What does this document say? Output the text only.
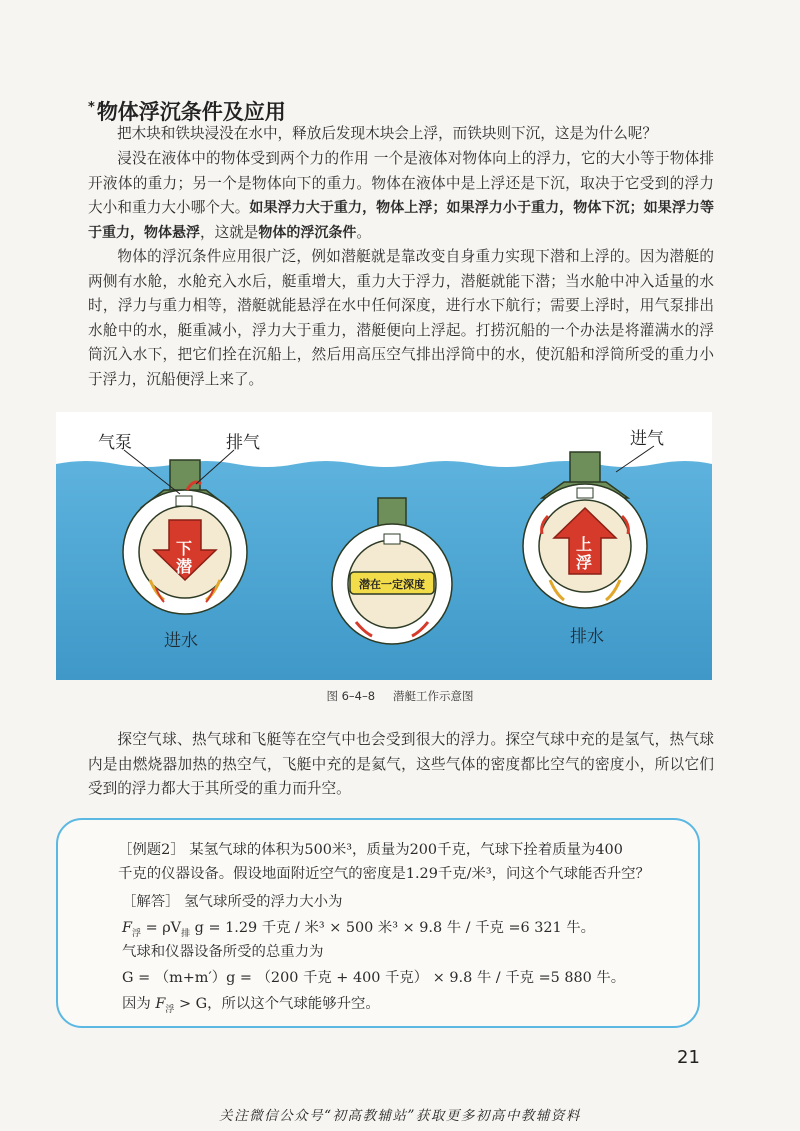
*物体浮沉条件及应用
把木块和铁块浸没在水中，释放后发现木块会上浮，而铁块则下沉，这是为什么呢？
浸没在液体中的物体受到两个力的作用 一个是液体对物体向上的浮力，它的大小等于物体排开液体的重力；另一个是物体向下的重力。物体在液体中是上浮还是下沉，取决于它受到的浮力大小和重力大小哪个大。如果浮力大于重力，物体上浮；如果浮力小于重力，物体下沉；如果浮力等于重力，物体悬浮，这就是物体的浮沉条件。
物体的浮沉条件应用很广泛，例如潜艇就是靠改变自身重力实现下潜和上浮的。因为潜艇的两侧有水舱，水舱充入水后，艇重增大，重力大于浮力，潜艇就能下潜；当水舱中冲入适量的水时，浮力与重力相等，潜艇就能悬浮在水中任何深度，进行水下航行；需要上浮时，用气泵排出水舱中的水，艇重减小，浮力大于重力，潜艇便向上浮起。打捞沉船的一个办法是将灌满水的浮筒沉入水下，把它们拴在沉船上，然后用高压空气排出浮筒中的水，使沉船和浮筒所受的重力小于浮力，沉船便浮上来了。
下
潜
潜在一定深度
上
浮
气泵	排气	进气
进水	排水
图 6–4–8 潜艇工作示意图
探空气球、热气球和飞艇等在空气中也会受到很大的浮力。探空气球中充的是氢气，热气球内是由燃烧器加热的热空气，飞艇中充的是氦气，这些气体的密度都比空气的密度小，所以它们受到的浮力都大于其所受的重力而升空。
［例题2］ 某氢气球的体积为500米³，质量为200千克，气球下拴着质量为400
千克的仪器设备。假设地面附近空气的密度是1.29千克/米³，问这个气球能否升空？
［解答］ 氢气球所受的浮力大小为
$F_浮 = \rho V_排$ g = 1.29 千克 / 米³ × 500 米³ × 9.8 牛 / 千克 =6 321 牛。
气球和仪器设备所受的总重力为
G = （m+m′）g = （200 千克 + 400 千克） × 9.8 牛 / 千克 =5 880 牛。
因为 $F_浮 > G$，所以这个气球能够升空。
21
关注微信公众号“初高教辅站”获取更多初高中教辅资料
